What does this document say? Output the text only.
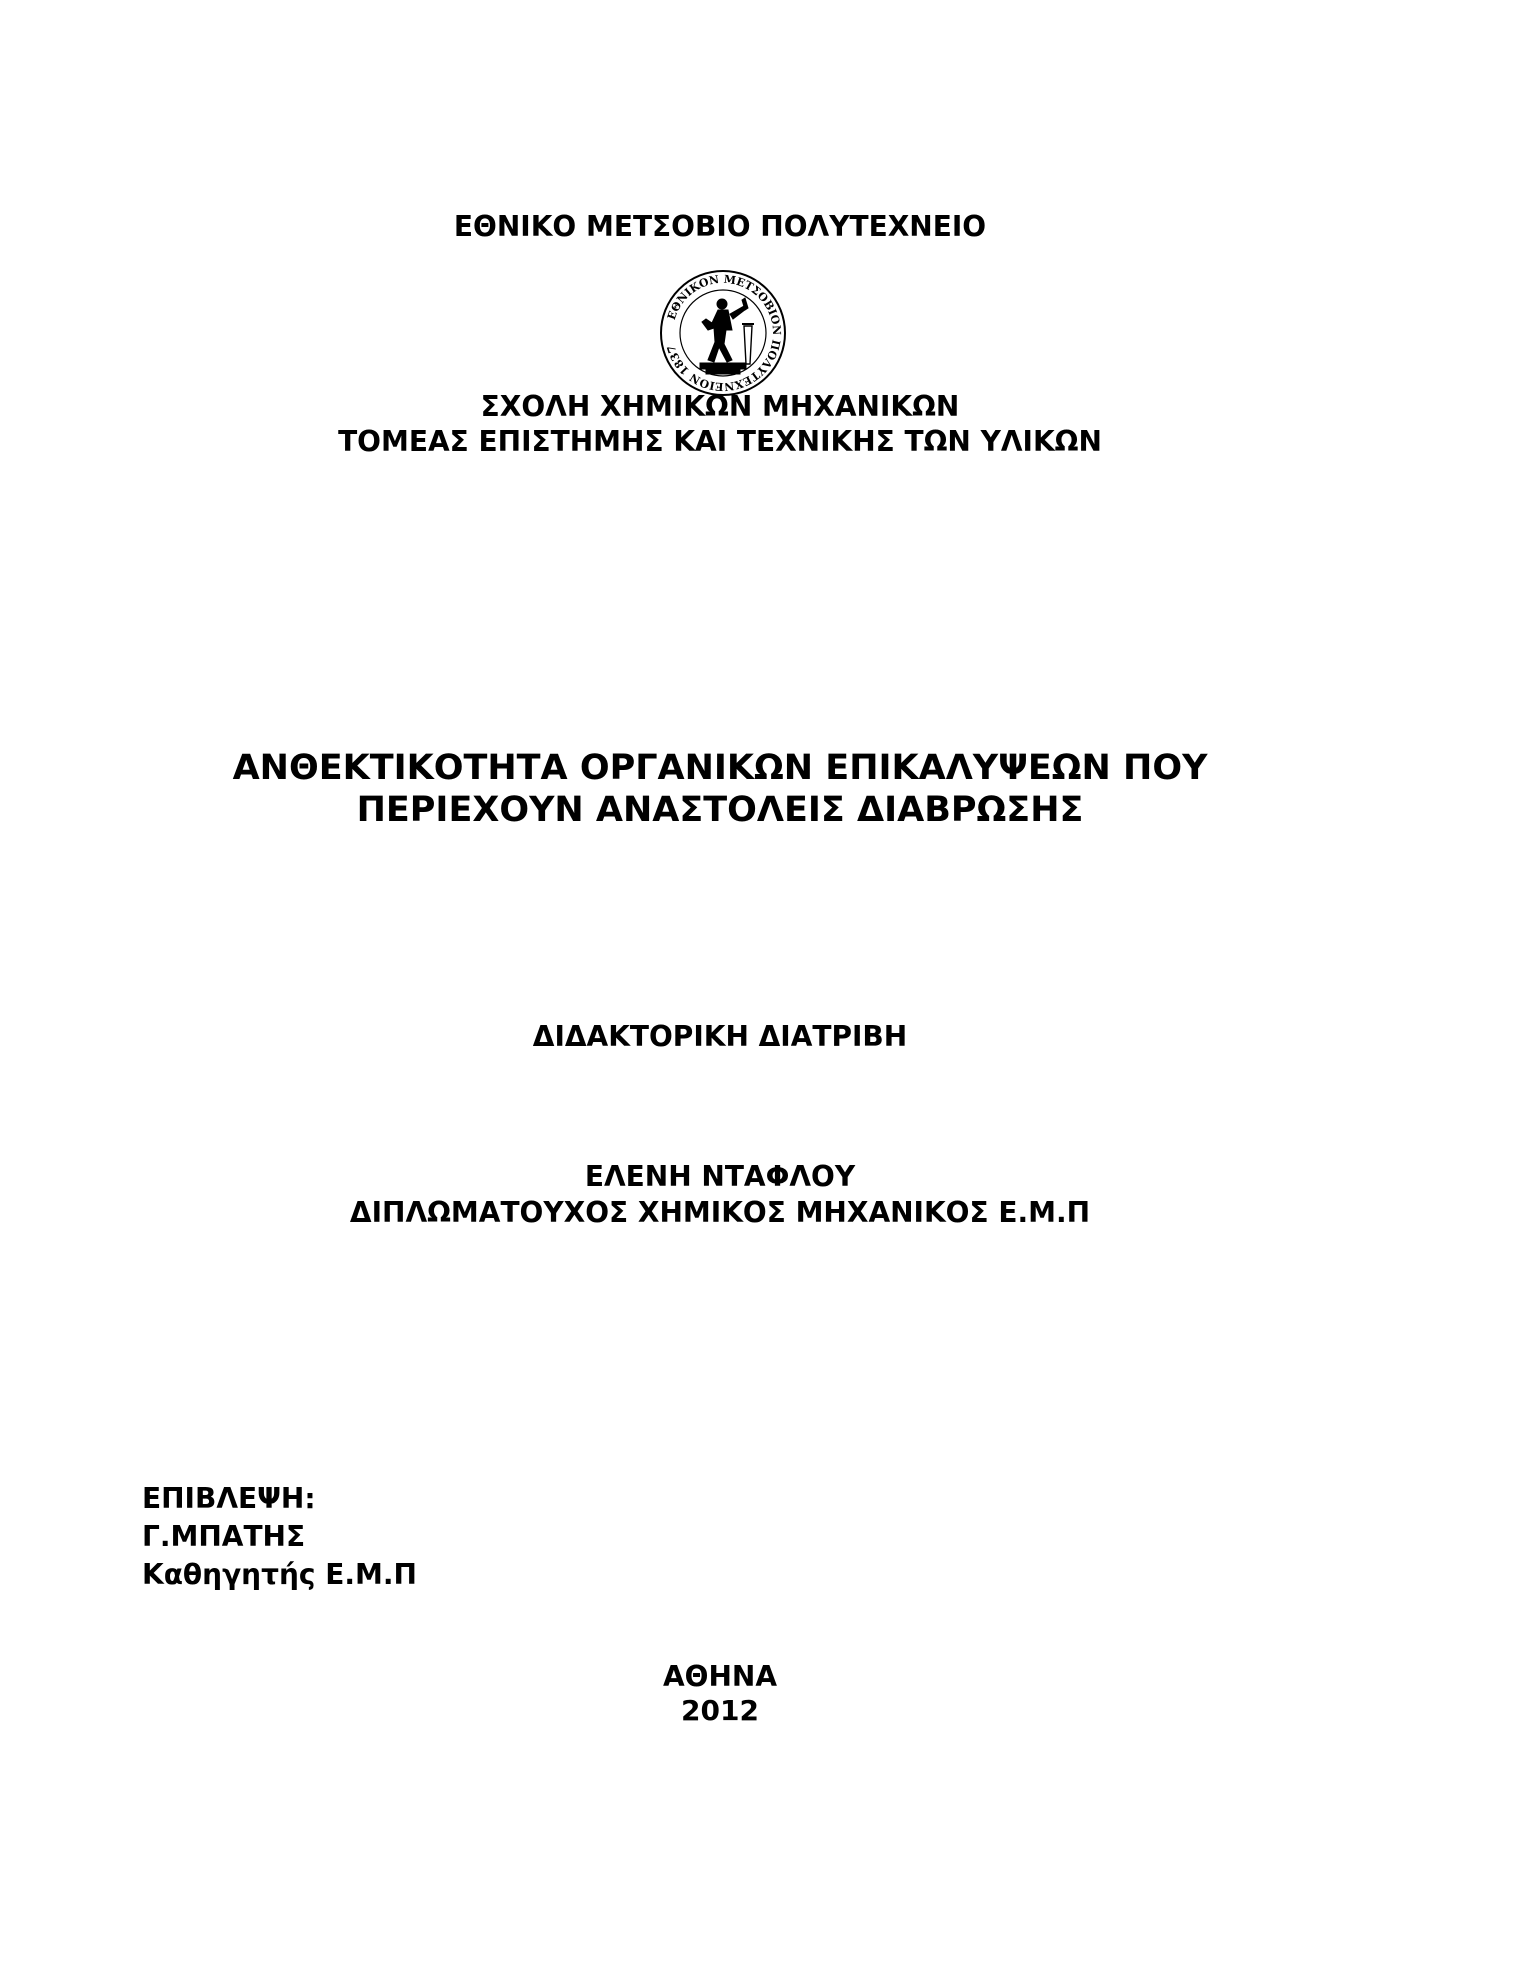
ΕΘΝΙΚΟ ΜΕΤΣΟΒΙΟ ΠΟΛΥΤΕΧΝΕΙΟ
ΕΘΝΙΚΟΝ ΜΕΤΣΟΒΙΟΝ ΠΟΛΥΤΕΧΝΕΙΟΝ 1837
ΣΧΟΛΗ ΧΗΜΙΚΩΝ ΜΗΧΑΝΙΚΩΝ
ΤΟΜΕΑΣ ΕΠΙΣΤΗΜΗΣ ΚΑΙ ΤΕΧΝΙΚΗΣ ΤΩΝ ΥΛΙΚΩΝ
ΑΝΘΕΚΤΙΚΟΤΗΤΑ ΟΡΓΑΝΙΚΩΝ ΕΠΙΚΑΛΥΨΕΩΝ ΠΟΥ
ΠΕΡΙΕΧΟΥΝ ΑΝΑΣΤΟΛΕΙΣ ΔΙΑΒΡΩΣΗΣ
ΔΙΔΑΚΤΟΡΙΚΗ ΔΙΑΤΡΙΒΗ
ΕΛΕΝΗ ΝΤΑΦΛΟΥ
ΔΙΠΛΩΜΑΤΟΥΧΟΣ ΧΗΜΙΚΟΣ ΜΗΧΑΝΙΚΟΣ Ε.Μ.Π
ΕΠΙΒΛΕΨΗ:
Γ.ΜΠΑΤΗΣ
Καθηγητής Ε.Μ.Π
ΑΘΗΝΑ
2012
